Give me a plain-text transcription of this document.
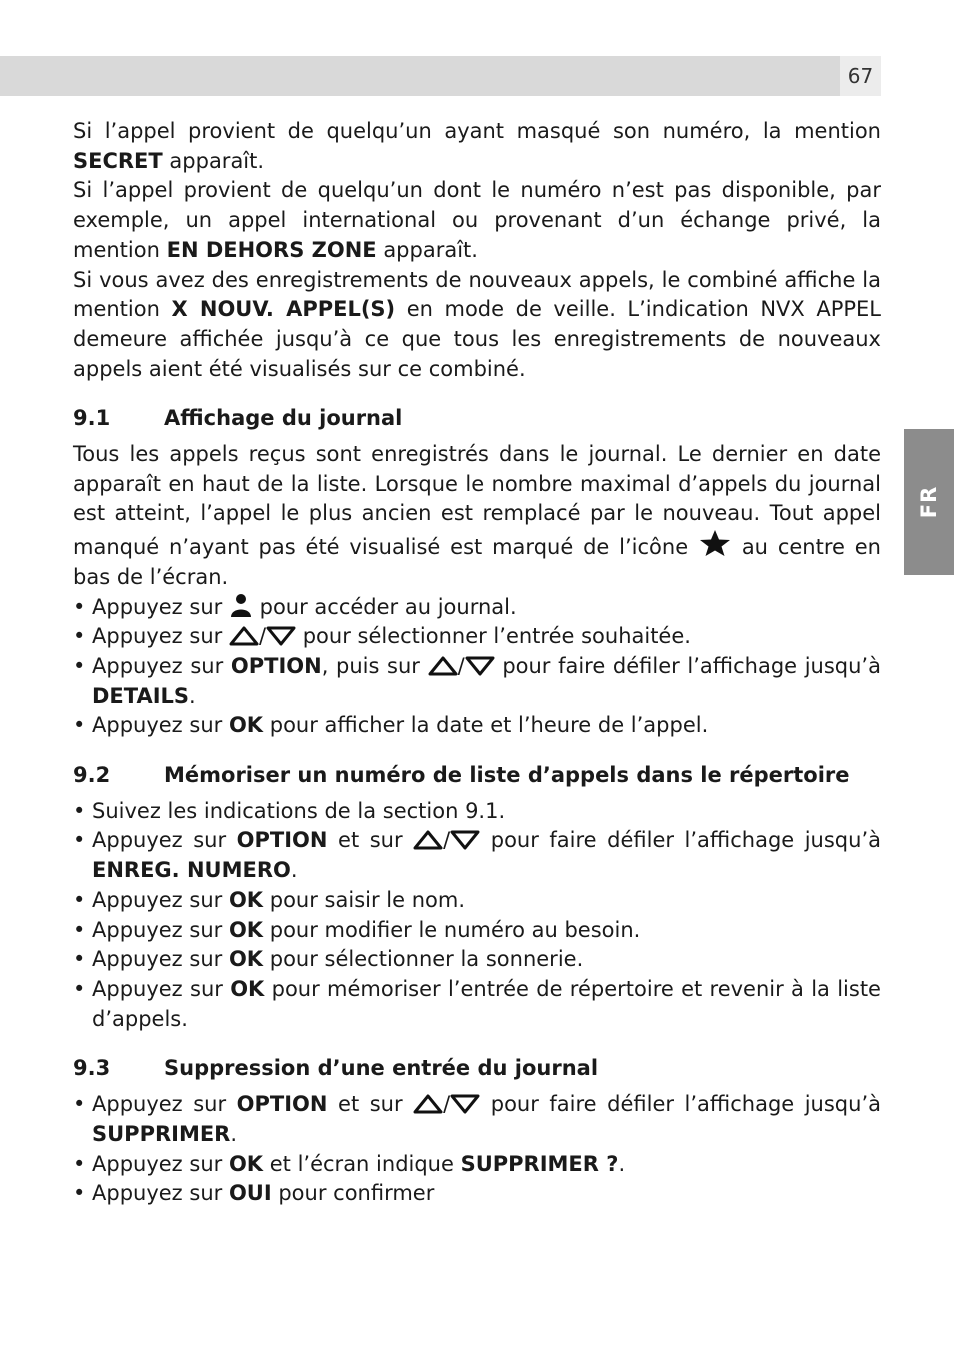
67
FR

Si l’appel provient de quelqu’un ayant masqué son numéro, la mention SECRET apparaît.

Si l’appel provient de quelqu’un dont le numéro n’est pas disponible, par exemple, un appel international ou provenant d’un échange privé, la mention EN DEHORS ZONE apparaît.

Si vous avez des enregistrements de nouveaux appels, le combiné affiche la mention X NOUV. APPEL(S) en mode de veille. L’indication NVX APPEL demeure affichée jusqu’à ce que tous les enregistrements de nouveaux appels aient été visualisés sur ce combiné.

9.1	Affichage du journal

Tous les appels reçus sont enregistrés dans le journal. Le dernier en date apparaît en haut de la liste. Lorsque le nombre maximal d’appels du journal est atteint, l’appel le plus ancien est remplacé par le nouveau. Tout appel manqué n’ayant pas été visualisé est marqué de l’icône
au centre en bas de l’écran.

• Appuyez sur
pour accéder au journal.
• Appuyez sur
/
pour sélectionner l’entrée souhaitée.
• Appuyez sur OPTION, puis sur
/
pour faire défiler l’affichage jusqu’à DETAILS.
• Appuyez sur OK pour afficher la date et l’heure de l’appel.
9.2	Mémoriser un numéro de liste d’appels dans le répertoire
• Suivez les indications de la section 9.1.
• Appuyez sur OPTION et sur
/
pour faire défiler l’affichage jusqu’à ENREG. NUMERO.
• Appuyez sur OK pour saisir le nom.
• Appuyez sur OK pour modifier le numéro au besoin.
• Appuyez sur OK pour sélectionner la sonnerie.
• Appuyez sur OK pour mémoriser l’entrée de répertoire et revenir à la liste d’appels.
9.3	Suppression d’une entrée du journal
• Appuyez sur OPTION et sur
/
pour faire défiler l’affichage jusqu’à SUPPRIMER.
• Appuyez sur OK et l’écran indique SUPPRIMER ?.
• Appuyez sur OUI pour confirmer
